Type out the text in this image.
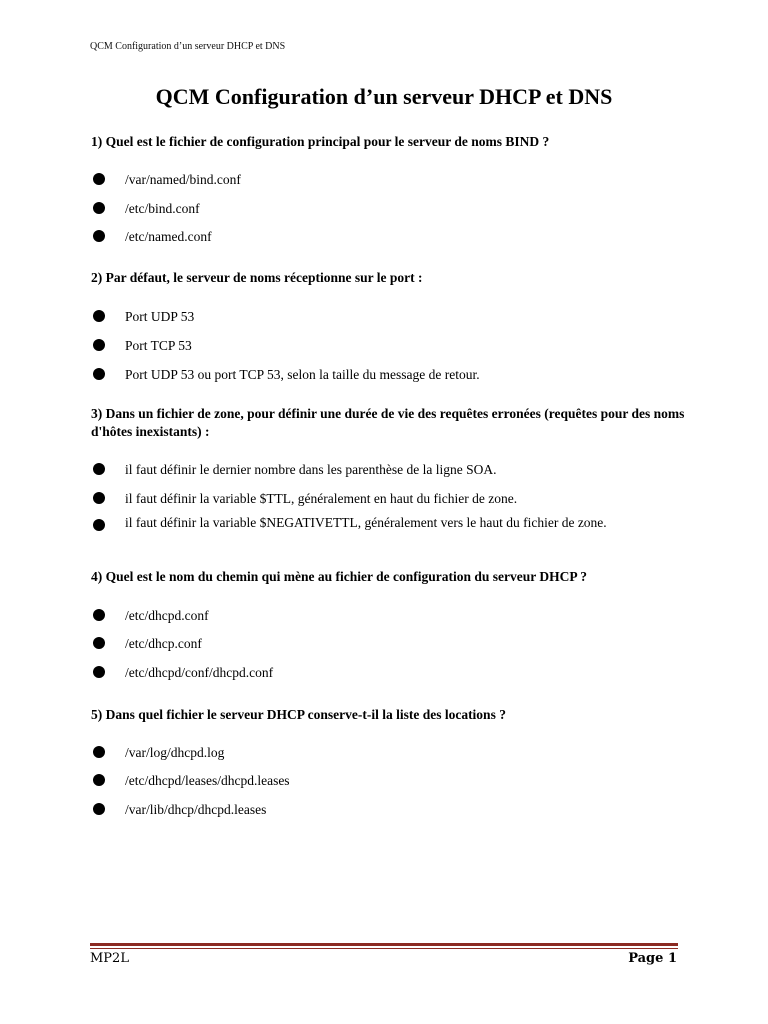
QCM Configuration d’un serveur DHCP et DNS
QCM Configuration d’un serveur DHCP et DNS
1) Quel est le fichier de configuration principal pour le serveur de noms BIND ?
/var/named/bind.conf
/etc/bind.conf
/etc/named.conf
2) Par défaut, le serveur de noms réceptionne sur le port :
Port UDP 53
Port TCP 53
Port UDP 53 ou port TCP 53, selon la taille du message de retour.
3) Dans un fichier de zone, pour définir une durée de vie des requêtes erronées (requêtes pour des noms d'hôtes inexistants) :
il faut définir le dernier nombre dans les parenthèse de la ligne SOA.
il faut définir la variable $TTL, généralement en haut du fichier de zone.
il faut définir la variable $NEGATIVETTL, généralement vers le haut du fichier de zone.
4) Quel est le nom du chemin qui mène au fichier de configuration du serveur DHCP ?
/etc/dhcpd.conf
/etc/dhcp.conf
/etc/dhcpd/conf/dhcpd.conf
5) Dans quel fichier le serveur DHCP conserve-t-il la liste des locations ?
/var/log/dhcpd.log
/etc/dhcpd/leases/dhcpd.leases
/var/lib/dhcp/dhcpd.leases
MP2L	Page 1
